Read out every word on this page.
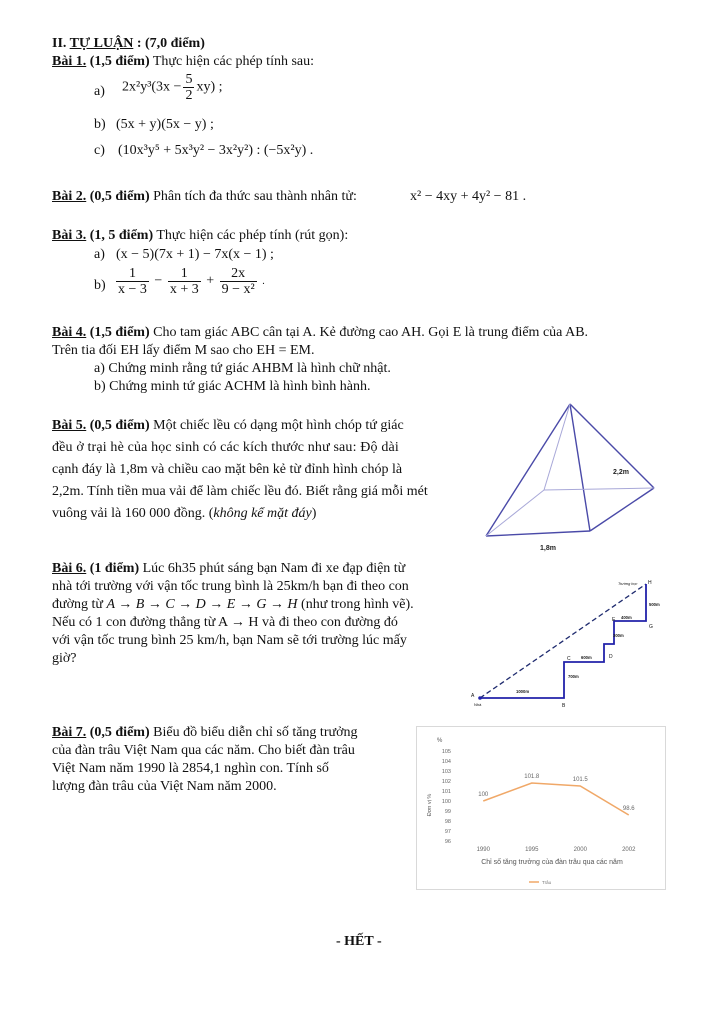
II. TỰ LUẬN : (7,0 điểm)
Bài 1. (1,5 điểm) Thực hiện các phép tính sau:
a) $2x^2y^3(3x - \frac{5}{2} xy)$ ;
b) (5x + y)(5x − y) ;
c) (10x³y⁵ + 5x³y² − 3x²y²) : (−5x²y) .
Bài 2. (0,5 điểm) Phân tích đa thức sau thành nhân tử:	x² − 4xy + 4y² − 81 .
Bài 3. (1, 5 điểm) Thực hiện các phép tính (rút gọn):
a) (x − 5)(7x + 1) − 7x(x − 1) ;
$b) \frac{1}{x - 3} - \frac{1}{x + 3} + \frac{2x}{\text{9 − x²}}$ .
Bài 4. (1,5 điểm) Cho tam giác ABC cân tại A. Kẻ đường cao AH. Gọi E là trung điểm của AB.
Trên tia đối EH lấy điểm M sao cho EH = EM.
a) Chứng minh rằng tứ giác AHBM là hình chữ nhật.
b) Chứng minh tứ giác ACHM là hình bình hành.
Bài 5. (0,5 điểm) Một chiếc lều có dạng một hình chóp tứ giác
đều ở trại hè của học sinh có các kích thước như sau: Độ dài
cạnh đáy là 1,8m và chiều cao mặt bên kẻ từ đỉnh hình chóp là
2,2m. Tính tiền mua vải để làm chiếc lều đó. Biết rằng giá mỗi mét
vuông vải là 160 000 đồng. (không kể mặt đáy)
2,2m
1,8m
Bài 6. (1 điểm) Lúc 6h35 phút sáng bạn Nam đi xe đạp điện từ
nhà tới trường với vận tốc trung bình là 25km/h bạn đi theo con
đường từ A → B → C → D → E → G → H (như trong hình vẽ).
Nếu có 1 con đường thẳng từ A → H và đi theo con đường đó
với vận tốc trung bình 25 km/h, bạn Nam sẽ tới trường lúc mấy
giờ?
A
Nhà	B
C	D
E
G
H
Trường học
1000m
700m
600m
300m
400m
500m
Bài 7. (0,5 điểm) Biểu đồ biểu diễn chỉ số tăng trưởng
của đàn trâu Việt Nam qua các năm. Cho biết đàn trâu
Việt Nam năm 1990 là 2854,1 nghìn con. Tính số
lượng đàn trâu của Việt Nam năm 2000.
%
Đơn vị %
96
97
98
99
100
101
102
103
104
105
1990	1995	2000	2002
100
101.8	101.5
98.6
Chỉ số tăng trưởng của đàn trâu qua các năm
Trâu
- HẾT -
